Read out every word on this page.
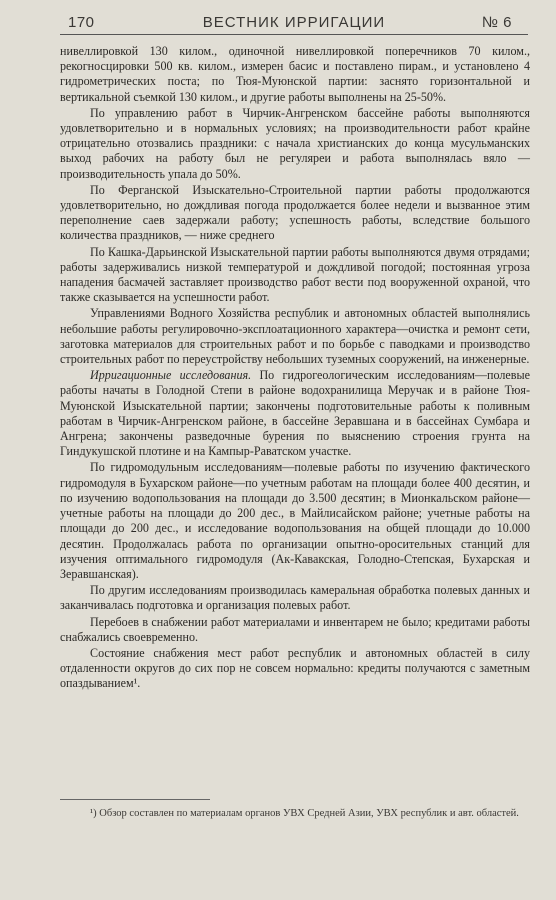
170	ВЕСТНИК ИРРИГАЦИИ	№ 6

нивеллировкой 130 килом., одиночной нивеллировкой поперечников 70 килом., рекогносцировки 500 кв. килом., измерен басис и поставлено пирам., и установлено 4 гидрометрических поста; по Тюя-Муюнской партии: заснято горизонтальной и вертикальной съемкой 130 килом., и другие работы выполнены на 25-50%.

По управлению работ в Чирчик-Ангренском бассейне работы выполняются удовлетворительно и в нормальных условиях; на производительности работ крайне отрицательно отозвались праздники: с начала христианских до конца мусульманских выход рабочих на работу был не регуляреи и работа выполнялась вяло — производительность упала до 50%.

По Ферганской Изыскательно-Строительной партии работы продолжаются удовлетворительно, но дождливая погода продолжается более недели и вызванное этим переполнение саев задержали работу; успешность работы, вследствие большого количества праздников, — ниже среднего

По Кашка-Дарьинской Изыскательной партии работы выполняются двумя отрядами; работы задерживались низкой температурой и дождливой погодой; постоянная угроза нападения басмачей заставляет производство работ вести под вооруженной охраной, что также сказывается на успешности работ.

Управлениями Водного Хозяйства республик и автономных областей выполнялись небольшие работы регулировочно-эксплоатационного характера—очистка и ремонт сети, заготовка материалов для строительных работ и по борьбе с паводками и производство строительных работ по переустройству небольших туземных сооружений, на инженерные.

Ирригационные исследования. По гидрогеологическим исследованиям—полевые работы начаты в Голодной Степи в районе водохранилища Меручак и в районе Тюя-Муюнской Изыскательной партии; закончены подготовительные работы к поливным работам в Чирчик-Ангренском районе, в бассейне Зеравшана и в бассейнах Сумбара и Ангрена; закончены разведочные бурения по выяснению строения грунта на Гиндукушской плотине и на Кампыр-Раватском участке.

По гидромодульным исследованиям—полевые работы по изучению фактического гидромодуля в Бухарском районе—по учетным работам на площади более 400 десятин, и по изучению водопользования на площади до 3.500 десятин; в Мионкальском районе—учетные работы на площади до 200 дес., в Майлисайском районе; учетные работы на площади до 200 дес., и исследование водопользования на общей площади до 10.000 десятин. Продолжалась работа по организации опытно-оросительных станций для изучения оптимального гидромодуля (Ак-Кавакская, Голодно-Степская, Бухарская и Зеравшанская).

По другим исследованиям производилась камеральная обработка полевых данных и заканчивалась подготовка и организация полевых работ.

Перебоев в снабжении работ материалами и инвентарем не было; кредитами работы снабжались своевременно.

Состояние снабжения мест работ республик и автономных областей в силу отдаленности округов до сих пор не совсем нормально: кредиты получаются с заметным опаздыванием¹.

¹) Обзор составлен по материалам органов УВХ Средней Азии, УВХ республик и авт. областей.
